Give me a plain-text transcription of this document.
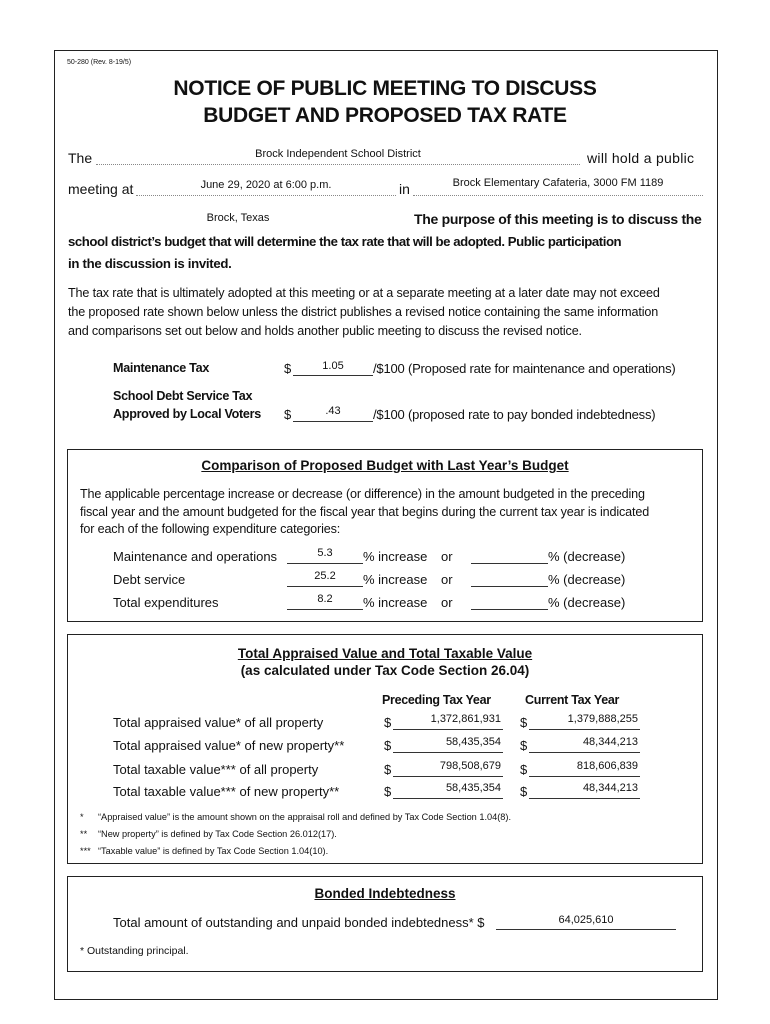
50-280 (Rev. 8-19/5)
NOTICE OF PUBLIC MEETING TO DISCUSS
BUDGET AND PROPOSED TAX RATE
The	Brock Independent School District	will hold a public
meeting at	June 29, 2020 at 6:00 p.m.	in	Brock Elementary Cafateria, 3000 FM 1189
Brock, Texas	The purpose of this meeting is to discuss the
school district’s budget that will determine the tax rate that will be adopted. Public participation
in the discussion is invited.
The tax rate that is ultimately adopted at this meeting or at a separate meeting at a later date may not exceed
the proposed rate shown below unless the district publishes a revised notice containing the same information
and comparisons set out below and holds another public meeting to discuss the revised notice.
Maintenance Tax	$	1.05	/$100 (Proposed rate for maintenance and operations)
School Debt Service Tax
Approved by Local Voters $	.43	/$100 (proposed rate to pay bonded indebtedness)
Comparison of Proposed Budget with Last Year’s Budget
The applicable percentage increase or decrease (or difference) in the amount budgeted in the preceding
fiscal year and the amount budgeted for the fiscal year that begins during the current tax year is indicated
for each of the following expenditure categories:
Maintenance and operations	5.3	% increase or	% (decrease)
Debt service	25.2	% increase or	% (decrease)
Total expenditures	8.2	% increase or	% (decrease)
Total Appraised Value and Total Taxable Value
(as calculated under Tax Code Section 26.04)
Preceding Tax Year	Current Tax Year
Total appraised value* of all property	$	1,372,861,931 $	1,379,888,255
Total appraised value* of new property**	$	58,435,354 $	48,344,213
Total taxable value*** of all property	$	798,508,679 $	818,606,839
Total taxable value*** of new property**	$	58,435,354 $	48,344,213
* “Appraised value” is the amount shown on the appraisal roll and defined by Tax Code Section 1.04(8).
** “New property” is defined by Tax Code Section 26.012(17).
*** “Taxable value” is defined by Tax Code Section 1.04(10).
Bonded Indebtedness
Total amount of outstanding and unpaid bonded indebtedness* $	64,025,610
* Outstanding principal.
